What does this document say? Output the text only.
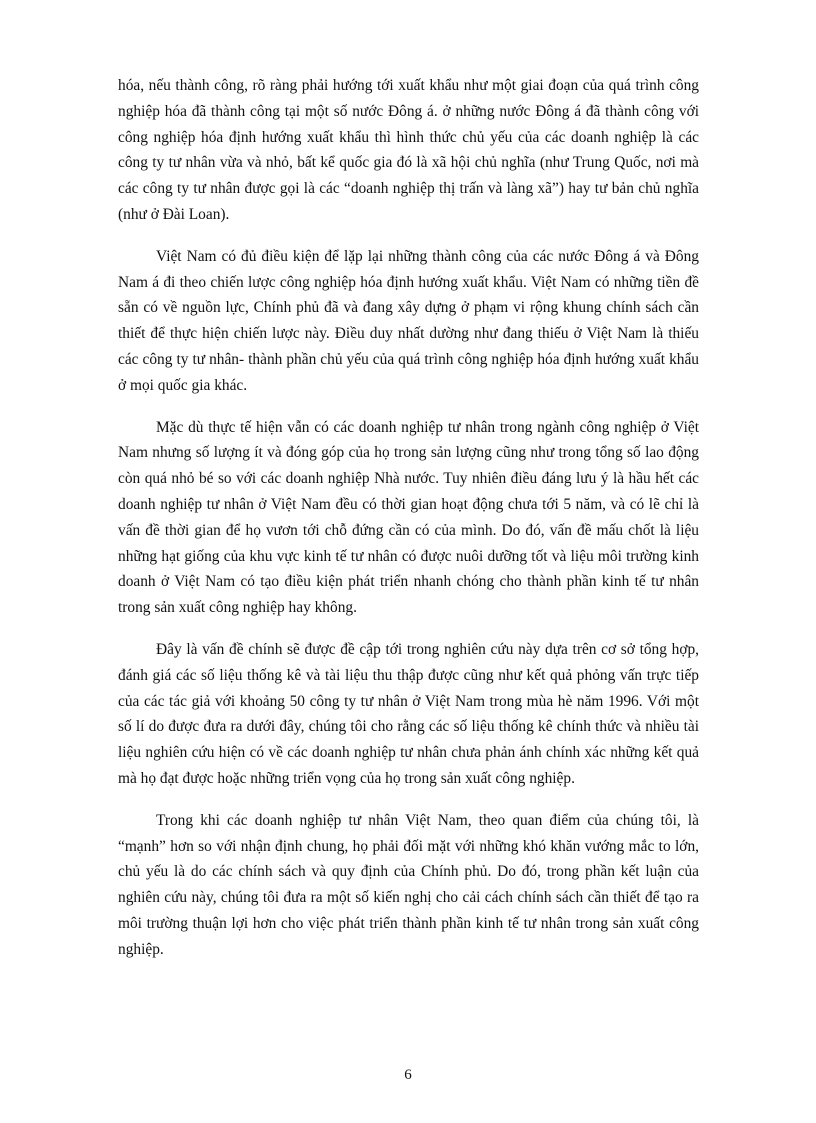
hóa, nếu thành công, rõ ràng phải hướng tới xuất khẩu như một giai đoạn của quá trình công nghiệp hóa đã thành công tại một số nước Đông á. ở những nước Đông á đã thành công với công nghiệp hóa định hướng xuất khẩu thì hình thức chủ yếu của các doanh nghiệp là các công ty tư nhân vừa và nhỏ, bất kể quốc gia đó là xã hội chủ nghĩa (như Trung Quốc, nơi mà các công ty tư nhân được gọi là các “doanh nghiệp thị trấn và làng xã”) hay tư bản chủ nghĩa (như ở Đài Loan).

Việt Nam có đủ điều kiện để lặp lại những thành công của các nước Đông á và Đông Nam á đi theo chiến lược công nghiệp hóa định hướng xuất khẩu. Việt Nam có những tiền đề sẵn có về nguồn lực, Chính phủ đã và đang xây dựng ở phạm vi rộng khung chính sách cần thiết để thực hiện chiến lược này. Điều duy nhất dường như đang thiếu ở Việt Nam là thiếu các công ty tư nhân- thành phần chủ yếu của quá trình công nghiệp hóa định hướng xuất khẩu ở mọi quốc gia khác.

Mặc dù thực tế hiện vẫn có các doanh nghiệp tư nhân trong ngành công nghiệp ở Việt Nam nhưng số lượng ít và đóng góp của họ trong sản lượng cũng như trong tổng số lao động còn quá nhỏ bé so với các doanh nghiệp Nhà nước. Tuy nhiên điều đáng lưu ý là hầu hết các doanh nghiệp tư nhân ở Việt Nam đều có thời gian hoạt động chưa tới 5 năm, và có lẽ chỉ là vấn đề thời gian để họ vươn tới chỗ đứng cần có của mình. Do đó, vấn đề mấu chốt là liệu những hạt giống của khu vực kinh tế tư nhân có được nuôi dưỡng tốt và liệu môi trường kinh doanh ở Việt Nam có tạo điều kiện phát triển nhanh chóng cho thành phần kinh tế tư nhân trong sản xuất công nghiệp hay không.

Đây là vấn đề chính sẽ được đề cập tới trong nghiên cứu này dựa trên cơ sở tổng hợp, đánh giá các số liệu thống kê và tài liệu thu thập được cũng như kết quả phỏng vấn trực tiếp của các tác giả với khoảng 50 công ty tư nhân ở Việt Nam trong mùa hè năm 1996. Với một số lí do được đưa ra dưới đây, chúng tôi cho rằng các số liệu thống kê chính thức và nhiều tài liệu nghiên cứu hiện có về các doanh nghiệp tư nhân chưa phản ánh chính xác những kết quả mà họ đạt được hoặc những triển vọng của họ trong sản xuất công nghiệp.

Trong khi các doanh nghiệp tư nhân Việt Nam, theo quan điểm của chúng tôi, là “mạnh” hơn so với nhận định chung, họ phải đối mặt với những khó khăn vướng mắc to lớn, chủ yếu là do các chính sách và quy định của Chính phủ. Do đó, trong phần kết luận của nghiên cứu này, chúng tôi đưa ra một số kiến nghị cho cải cách chính sách cần thiết để tạo ra môi trường thuận lợi hơn cho việc phát triển thành phần kinh tế tư nhân trong sản xuất công nghiệp.

6
